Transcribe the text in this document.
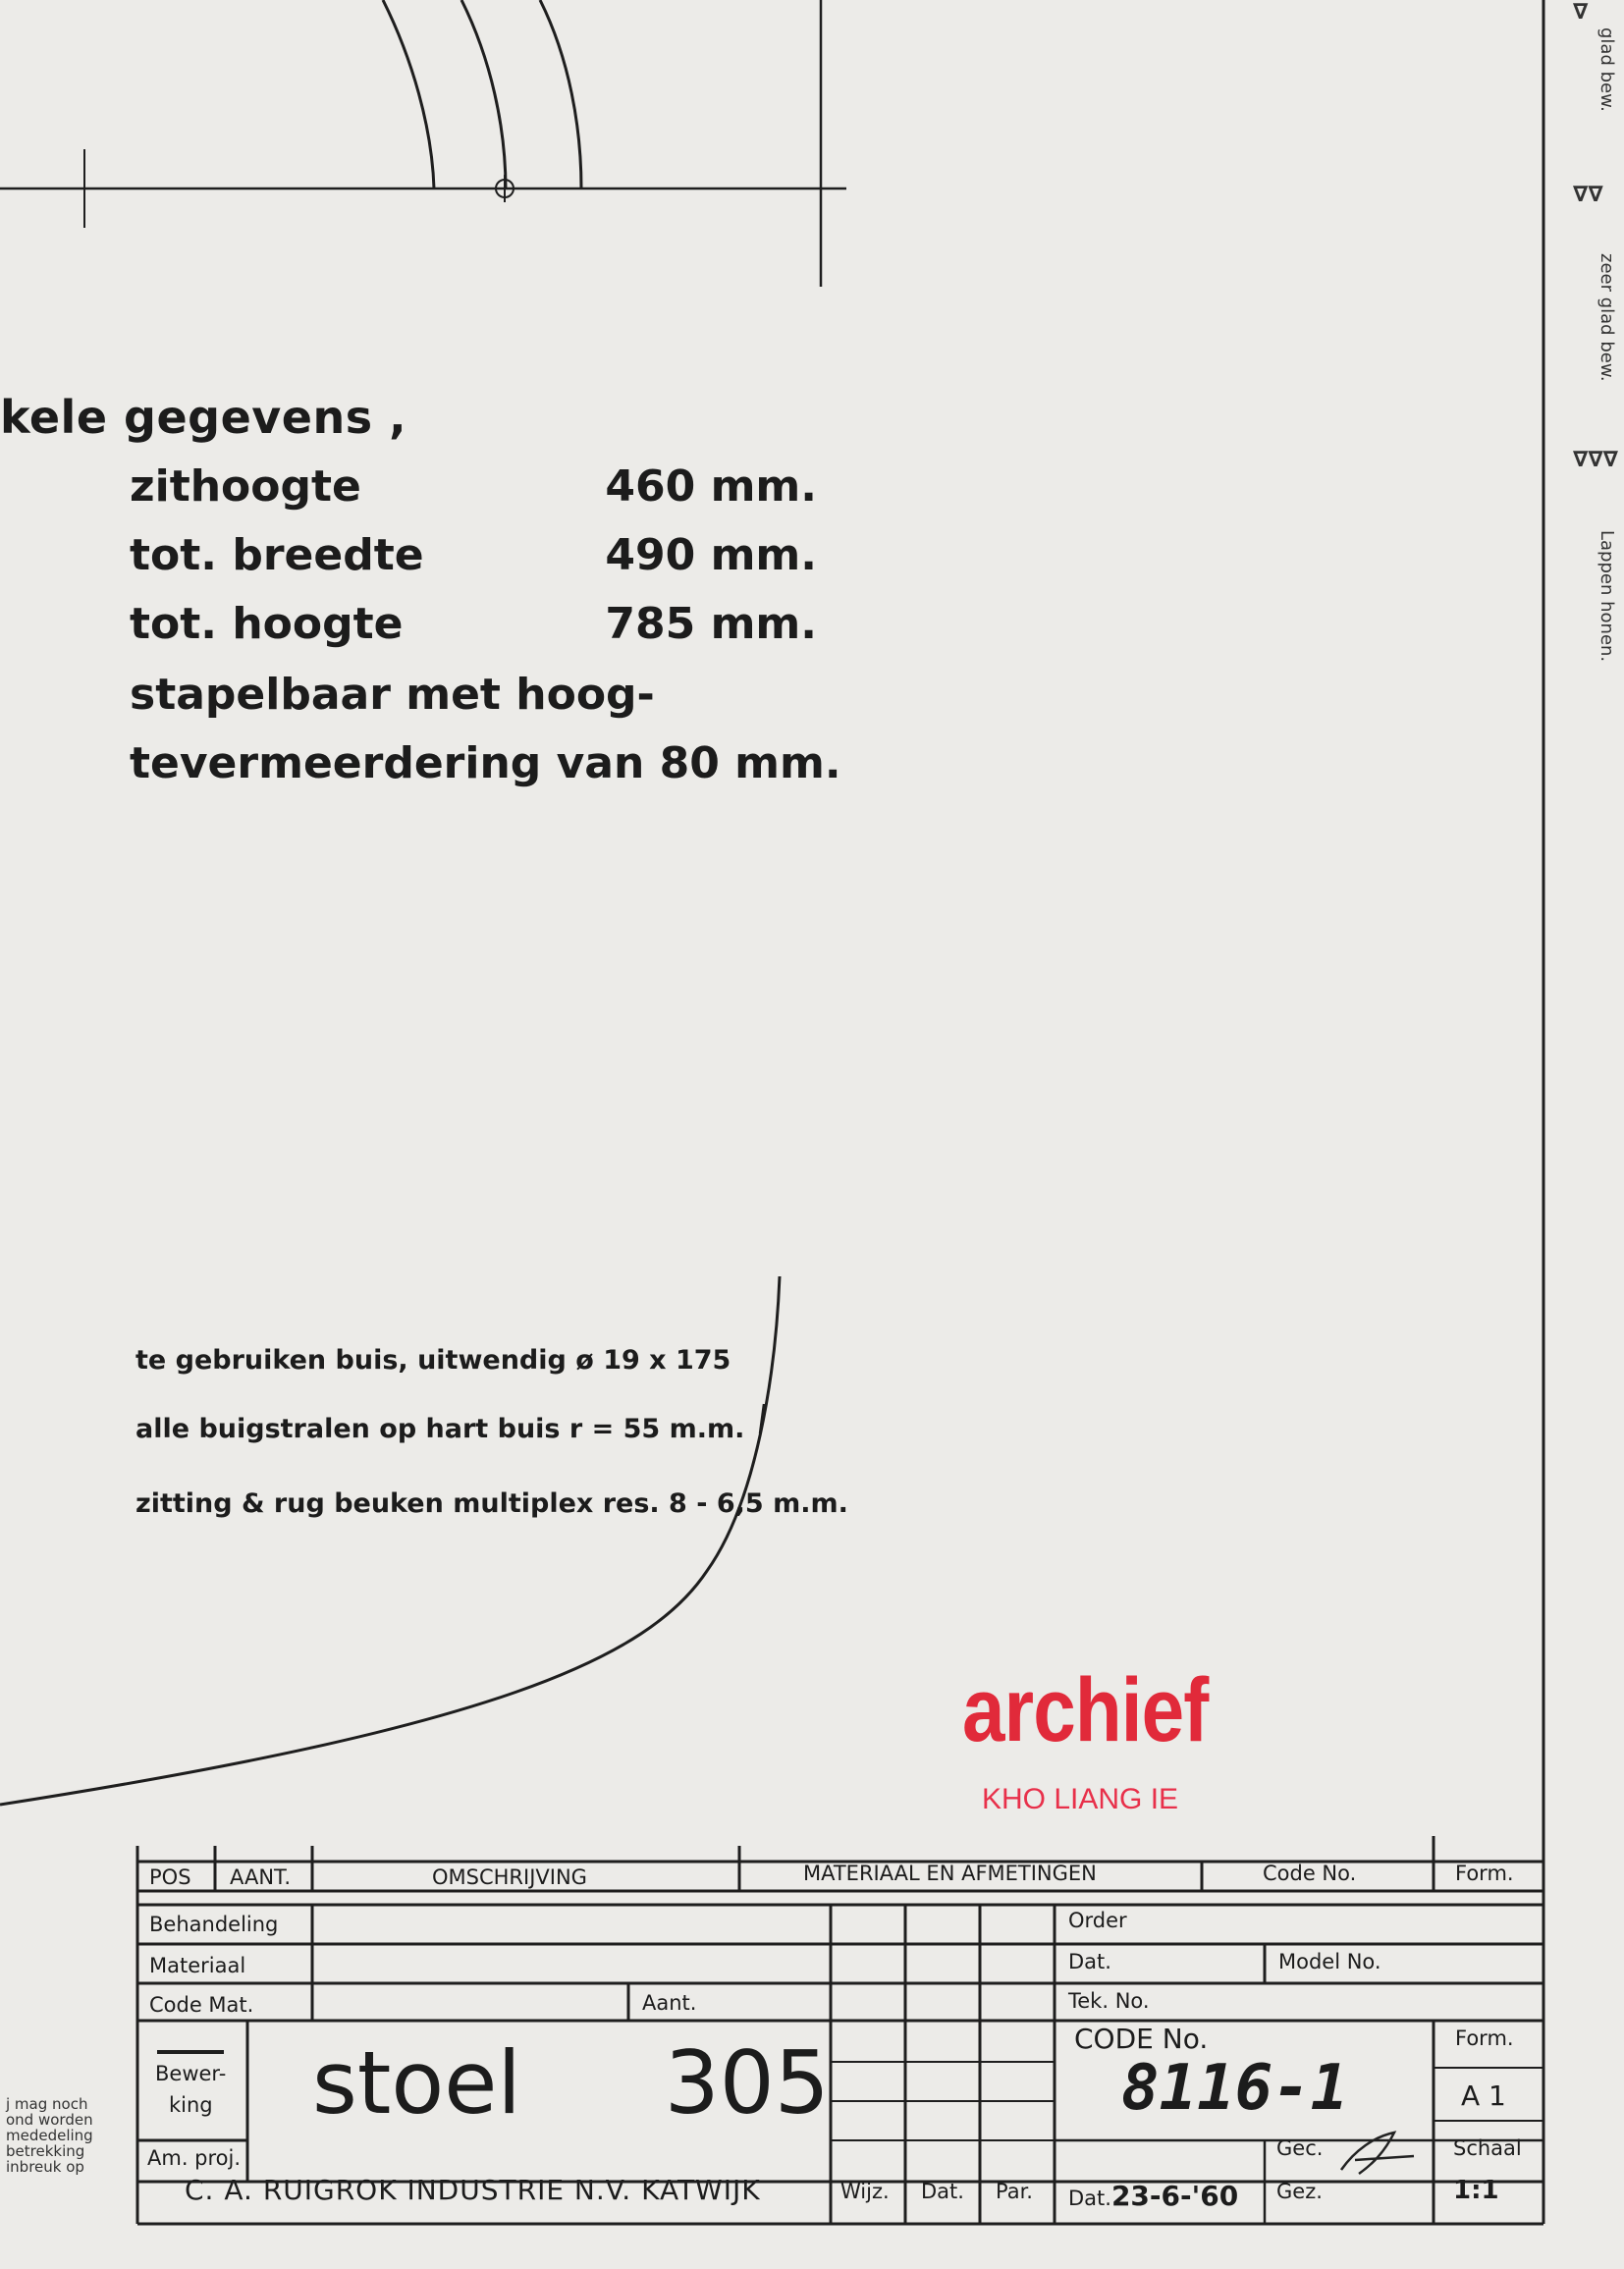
kele gegevens ,
zithoogte	460 mm.
tot. breedte	490 mm.
tot. hoogte	785 mm.
stapelbaar met hoog-
tevermeerdering van 80 mm.
te gebruiken buis, uitwendig ø 19 x 175
alle buigstralen op hart buis r = 55 m.m.
zitting & rug beuken multiplex res. 8 - 6,5 m.m.
archief
KHO LIANG IE
∇
glad bew.
∇∇
zeer glad bew.
∇∇∇
Lappen honen.
POS AANT.	OMSCHRIJVING	MATERIAAL EN AFMETINGEN	Code No.	Form.
Behandeling
Materiaal
Code Mat.	Aant.
Order
Dat.	Model No.
Tek. No.
CODE No.
8116-1
Form.
A 1
Bewer-
king
Am. proj.
stoel 305
Gec.
Gez.
Schaal
1:1
Wijz. Dat. Par. Dat.23-6-'60
C. A. RUIGROK INDUSTRIE N.V. KATWIJK
j mag noch
ond worden
mededeling
betrekking
inbreuk op
